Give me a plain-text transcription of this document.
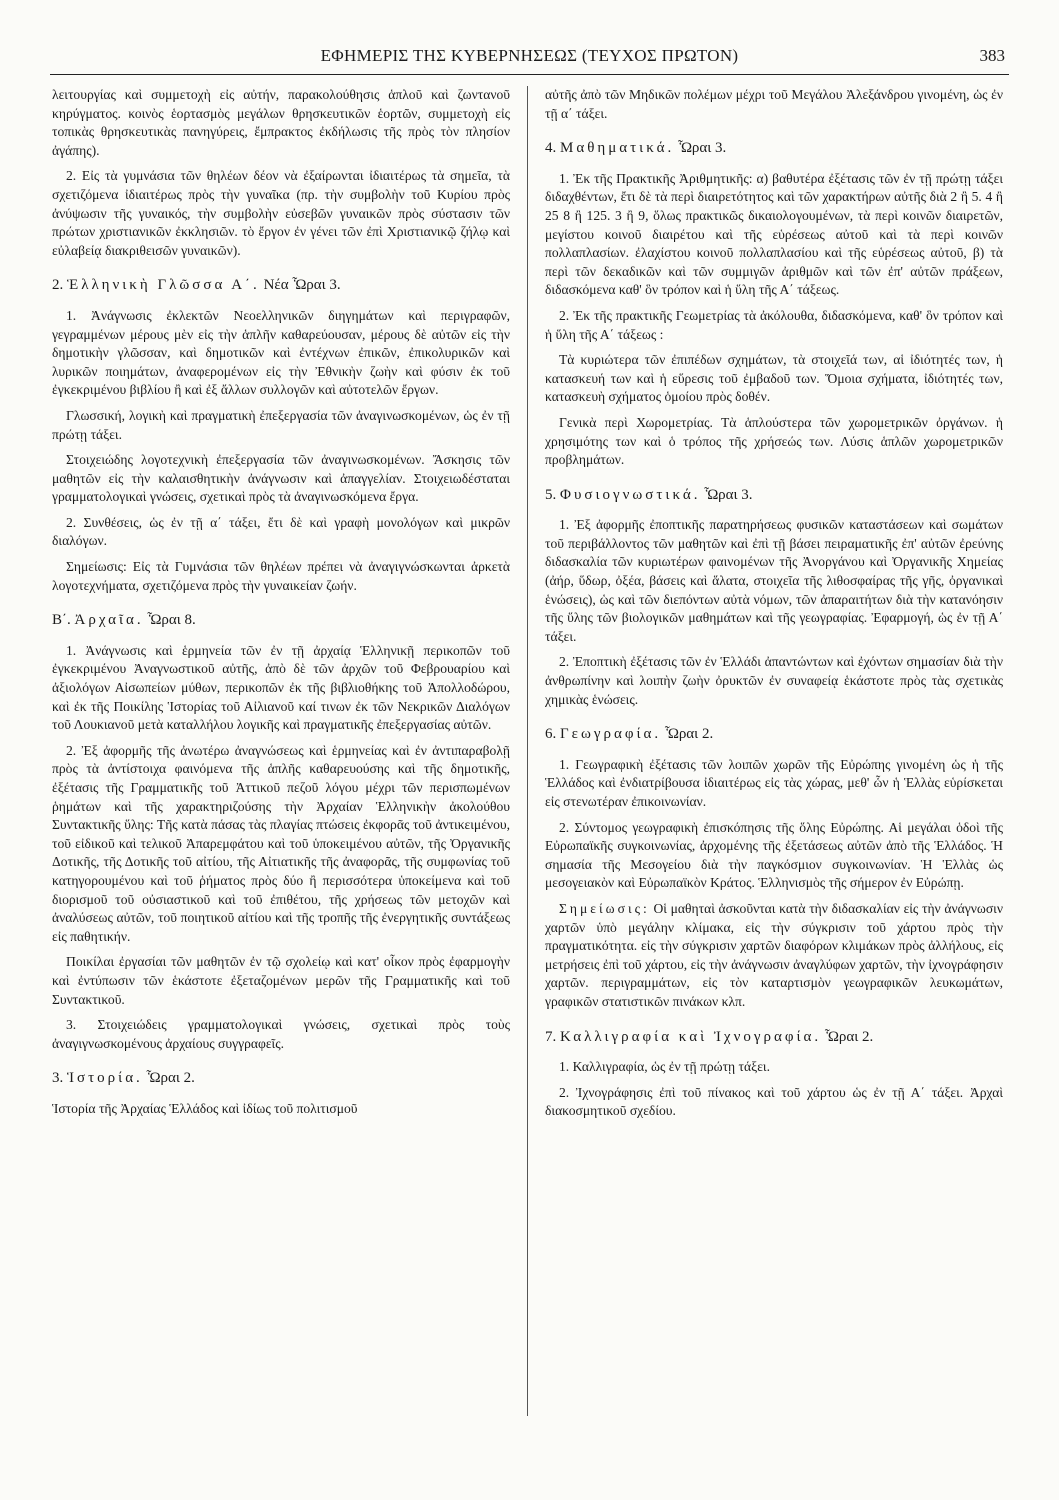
ΕΦΗΜΕΡΙΣ ΤΗΣ ΚΥΒΕΡΝΗΣΕΩΣ (ΤΕΥΧΟΣ ΠΡΩΤΟΝ)	383

λειτουργίας καὶ συμμετοχὴ εἰς αὐτήν, παρακολούθησις ἁπλοῦ καὶ ζωντανοῦ κηρύγματος. κοινὸς ἑορτασμὸς μεγάλων θρησκευτικῶν ἑορτῶν, συμμετοχὴ εἰς τοπικὰς θρησκευτικὰς πανηγύρεις, ἔμπρακτος ἐκδήλωσις τῆς πρὸς τὸν πλησίον ἀγάπης).

2. Εἰς τὰ γυμνάσια τῶν θηλέων δέον νὰ ἐξαίρωνται ἰδιαιτέρως τὰ σημεῖα, τὰ σχετιζόμενα ἰδιαιτέρως πρὸς τὴν γυναῖκα (πρ. τὴν συμβολὴν τοῦ Κυρίου πρὸς ἀνύψωσιν τῆς γυναικός, τὴν συμβολὴν εὐσεβῶν γυναικῶν πρὸς σύστασιν τῶν πρώτων χριστιανικῶν ἐκκλησιῶν. τὸ ἔργον ἐν γένει τῶν ἐπὶ Χριστιανικῷ ζήλῳ καὶ εὐλαβείᾳ διακριθεισῶν γυναικῶν).

2. Ἑλληνικὴ Γλῶσσα Α΄. Νέα Ὧραι 3.

1. Ἀνάγνωσις ἐκλεκτῶν Νεοελληνικῶν διηγημάτων καὶ περιγραφῶν, γεγραμμένων μέρους μὲν εἰς τὴν ἁπλῆν καθαρεύουσαν, μέρους δὲ αὐτῶν εἰς τὴν δημοτικὴν γλῶσσαν, καὶ δημοτικῶν καὶ ἐντέχνων ἐπικῶν, ἐπικολυρικῶν καὶ λυρικῶν ποιημάτων, ἀναφερομένων εἰς τὴν Ἐθνικὴν ζωὴν καὶ φύσιν ἐκ τοῦ ἐγκεκριμένου βιβλίου ἢ καὶ ἐξ ἄλλων συλλογῶν καὶ αὐτοτελῶν ἔργων.

Γλωσσική, λογικὴ καὶ πραγματικὴ ἐπεξεργασία τῶν ἀναγινωσκομένων, ὡς ἐν τῇ πρώτῃ τάξει.

Στοιχειώδης λογοτεχνικὴ ἐπεξεργασία τῶν ἀναγινωσκομένων. Ἄσκησις τῶν μαθητῶν εἰς τὴν καλαισθητικὴν ἀνάγνωσιν καὶ ἀπαγγελίαν. Στοιχειωδέσταται γραμματολογικαὶ γνώσεις, σχετικαὶ πρὸς τὰ ἀναγινωσκόμενα ἔργα.

2. Συνθέσεις, ὡς ἐν τῇ α΄ τάξει, ἔτι δὲ καὶ γραφὴ μονολόγων καὶ μικρῶν διαλόγων.

Σημείωσις: Εἰς τὰ Γυμνάσια τῶν θηλέων πρέπει νὰ ἀναγιγνώσκωνται ἀρκετὰ λογοτεχνήματα, σχετιζόμενα πρὸς τὴν γυναικείαν ζωήν.

Β΄. Ἀρχαῖα. Ὧραι 8.

1. Ἀνάγνωσις καὶ ἑρμηνεία τῶν ἐν τῇ ἀρχαίᾳ Ἑλληνικῇ περικοπῶν τοῦ ἐγκεκριμένου Ἀναγνωστικοῦ αὐτῆς, ἀπὸ δὲ τῶν ἀρχῶν τοῦ Φεβρουαρίου καὶ ἀξιολόγων Αἰσωπείων μύθων, περικοπῶν ἐκ τῆς βιβλιοθήκης τοῦ Ἀπολλοδώρου, καὶ ἐκ τῆς Ποικίλης Ἱστορίας τοῦ Αἰλιανοῦ καί τινων ἐκ τῶν Νεκρικῶν Διαλόγων τοῦ Λουκιανοῦ μετὰ καταλλήλου λογικῆς καὶ πραγματικῆς ἐπεξεργασίας αὐτῶν.

2. Ἐξ ἀφορμῆς τῆς ἀνωτέρω ἀναγνώσεως καὶ ἑρμηνείας καὶ ἐν ἀντιπαραβολῇ πρὸς τὰ ἀντίστοιχα φαινόμενα τῆς ἁπλῆς καθαρευούσης καὶ τῆς δημοτικῆς, ἐξέτασις τῆς Γραμματικῆς τοῦ Ἀττικοῦ πεζοῦ λόγου μέχρι τῶν περισπωμένων ῥημάτων καὶ τῆς χαρακτηριζούσης τὴν Ἀρχαίαν Ἑλληνικὴν ἀκολούθου Συντακτικῆς ὕλης: Τῆς κατὰ πάσας τὰς πλαγίας πτώσεις ἐκφορᾶς τοῦ ἀντικειμένου, τοῦ εἰδικοῦ καὶ τελικοῦ Ἀπαρεμφάτου καὶ τοῦ ὑποκειμένου αὐτῶν, τῆς Ὀργανικῆς Δοτικῆς, τῆς Δοτικῆς τοῦ αἰτίου, τῆς Αἰτιατικῆς τῆς ἀναφορᾶς, τῆς συμφωνίας τοῦ κατηγορουμένου καὶ τοῦ ῥήματος πρὸς δύο ἢ περισσότερα ὑποκείμενα καὶ τοῦ διορισμοῦ τοῦ οὐσιαστικοῦ καὶ τοῦ ἐπιθέτου, τῆς χρήσεως τῶν μετοχῶν καὶ ἀναλύσεως αὐτῶν, τοῦ ποιητικοῦ αἰτίου καὶ τῆς τροπῆς τῆς ἐνεργητικῆς συντάξεως εἰς παθητικήν.

Ποικίλαι ἐργασίαι τῶν μαθητῶν ἐν τῷ σχολείῳ καὶ κατ' οἶκον πρὸς ἐφαρμογὴν καὶ ἐντύπωσιν τῶν ἑκάστοτε ἐξεταζομένων μερῶν τῆς Γραμματικῆς καὶ τοῦ Συντακτικοῦ.

3. Στοιχειώδεις γραμματολογικαὶ γνώσεις, σχετικαὶ πρὸς τοὺς ἀναγιγνωσκομένους ἀρχαίους συγγραφεῖς.

3. Ἱστορία. Ὧραι 2.

Ἱστορία τῆς Ἀρχαίας Ἑλλάδος καὶ ἰδίως τοῦ πολιτισμοῦ

αὐτῆς ἀπὸ τῶν Μηδικῶν πολέμων μέχρι τοῦ Μεγάλου Ἀλεξάνδρου γινομένη, ὡς ἐν τῇ α΄ τάξει.

4. Μαθηματικά. Ὧραι 3.

1. Ἐκ τῆς Πρακτικῆς Ἀριθμητικῆς: α) βαθυτέρα ἐξέτασις τῶν ἐν τῇ πρώτῃ τάξει διδαχθέντων, ἔτι δὲ τὰ περὶ διαιρετότητος καὶ τῶν χαρακτήρων αὐτῆς διὰ 2 ἢ 5. 4 ἢ 25 8 ἢ 125. 3 ἢ 9, ὅλως πρακτικῶς δικαιολογουμένων, τὰ περὶ κοινῶν διαιρετῶν, μεγίστου κοινοῦ διαιρέτου καὶ τῆς εὑρέσεως αὐτοῦ καὶ τὰ περὶ κοινῶν πολλαπλασίων. ἐλαχίστου κοινοῦ πολλαπλασίου καὶ τῆς εὑρέσεως αὐτοῦ, β) τὰ περὶ τῶν δεκαδικῶν καὶ τῶν συμμιγῶν ἀριθμῶν καὶ τῶν ἐπ' αὐτῶν πράξεων, διδασκόμενα καθ' ὃν τρόπον καὶ ἡ ὕλη τῆς Α΄ τάξεως.

2. Ἐκ τῆς πρακτικῆς Γεωμετρίας τὰ ἀκόλουθα, διδασκόμενα, καθ' ὃν τρόπον καὶ ἡ ὕλη τῆς Α΄ τάξεως :

Τὰ κυριώτερα τῶν ἐπιπέδων σχημάτων, τὰ στοιχεῖά των, αἱ ἰδιότητές των, ἡ κατασκευή των καὶ ἡ εὕρεσις τοῦ ἐμβαδοῦ των. Ὅμοια σχήματα, ἰδιότητές των, κατασκευὴ σχήματος ὁμοίου πρὸς δοθέν.

Γενικὰ περὶ Χωρομετρίας. Τὰ ἁπλούστερα τῶν χωρομετρικῶν ὀργάνων. ἡ χρησιμότης των καὶ ὁ τρόπος τῆς χρήσεώς των. Λύσις ἁπλῶν χωρομετρικῶν προβλημάτων.

5. Φυσιογνωστικά. Ὧραι 3.

1. Ἐξ ἀφορμῆς ἐποπτικῆς παρατηρήσεως φυσικῶν καταστάσεων καὶ σωμάτων τοῦ περιβάλλοντος τῶν μαθητῶν καὶ ἐπὶ τῇ βάσει πειραματικῆς ἐπ' αὐτῶν ἐρεύνης διδασκαλία τῶν κυριωτέρων φαινομένων τῆς Ἀνοργάνου καὶ Ὀργανικῆς Χημείας (ἀήρ, ὕδωρ, ὀξέα, βάσεις καὶ ἅλατα, στοιχεῖα τῆς λιθοσφαίρας τῆς γῆς, ὀργανικαὶ ἑνώσεις), ὡς καὶ τῶν διεπόντων αὐτὰ νόμων, τῶν ἀπαραιτήτων διὰ τὴν κατανόησιν τῆς ὕλης τῶν βιολογικῶν μαθημάτων καὶ τῆς γεωγραφίας. Ἐφαρμογή, ὡς ἐν τῇ Α΄ τάξει.

2. Ἐποπτικὴ ἐξέτασις τῶν ἐν Ἑλλάδι ἀπαντώντων καὶ ἐχόντων σημασίαν διὰ τὴν ἀνθρωπίνην καὶ λοιπὴν ζωὴν ὀρυκτῶν ἐν συναφείᾳ ἑκάστοτε πρὸς τὰς σχετικὰς χημικὰς ἑνώσεις.

6. Γεωγραφία. Ὧραι 2.

1. Γεωγραφικὴ ἐξέτασις τῶν λοιπῶν χωρῶν τῆς Εὐρώπης γινομένη ὡς ἡ τῆς Ἑλλάδος καὶ ἐνδιατρίβουσα ἰδιαιτέρως εἰς τὰς χώρας, μεθ' ὧν ἡ Ἑλλὰς εὑρίσκεται εἰς στενωτέραν ἐπικοινωνίαν.

2. Σύντομος γεωγραφικὴ ἐπισκόπησις τῆς ὅλης Εὐρώπης. Αἱ μεγάλαι ὁδοὶ τῆς Εὐρωπαϊκῆς συγκοινωνίας, ἀρχομένης τῆς ἐξετάσεως αὐτῶν ἀπὸ τῆς Ἑλλάδος. Ἡ σημασία τῆς Μεσογείου διὰ τὴν παγκόσμιον συγκοινωνίαν. Ἡ Ἑλλὰς ὡς μεσογειακὸν καὶ Εὐρωπαϊκὸν Κράτος. Ἑλληνισμὸς τῆς σήμερον ἐν Εὐρώπῃ.

Σημείωσις: Οἱ μαθηταὶ ἀσκοῦνται κατὰ τὴν διδασκαλίαν εἰς τὴν ἀνάγνωσιν χαρτῶν ὑπὸ μεγάλην κλίμακα, εἰς τὴν σύγκρισιν τοῦ χάρτου πρὸς τὴν πραγματικότητα. εἰς τὴν σύγκρισιν χαρτῶν διαφόρων κλιμάκων πρὸς ἀλλήλους, εἰς μετρήσεις ἐπὶ τοῦ χάρτου, εἰς τὴν ἀνάγνωσιν ἀναγλύφων χαρτῶν, τὴν ἰχνογράφησιν χαρτῶν. περιγραμμάτων, εἰς τὸν καταρτισμὸν γεωγραφικῶν λευκωμάτων, γραφικῶν στατιστικῶν πινάκων κλπ.

7. Καλλιγραφία καὶ Ἰχνογραφία. Ὧραι 2.

1. Καλλιγραφία, ὡς ἐν τῇ πρώτῃ τάξει.

2. Ἰχνογράφησις ἐπὶ τοῦ πίνακος καὶ τοῦ χάρτου ὡς ἐν τῇ Α΄ τάξει. Ἀρχαὶ διακοσμητικοῦ σχεδίου.
